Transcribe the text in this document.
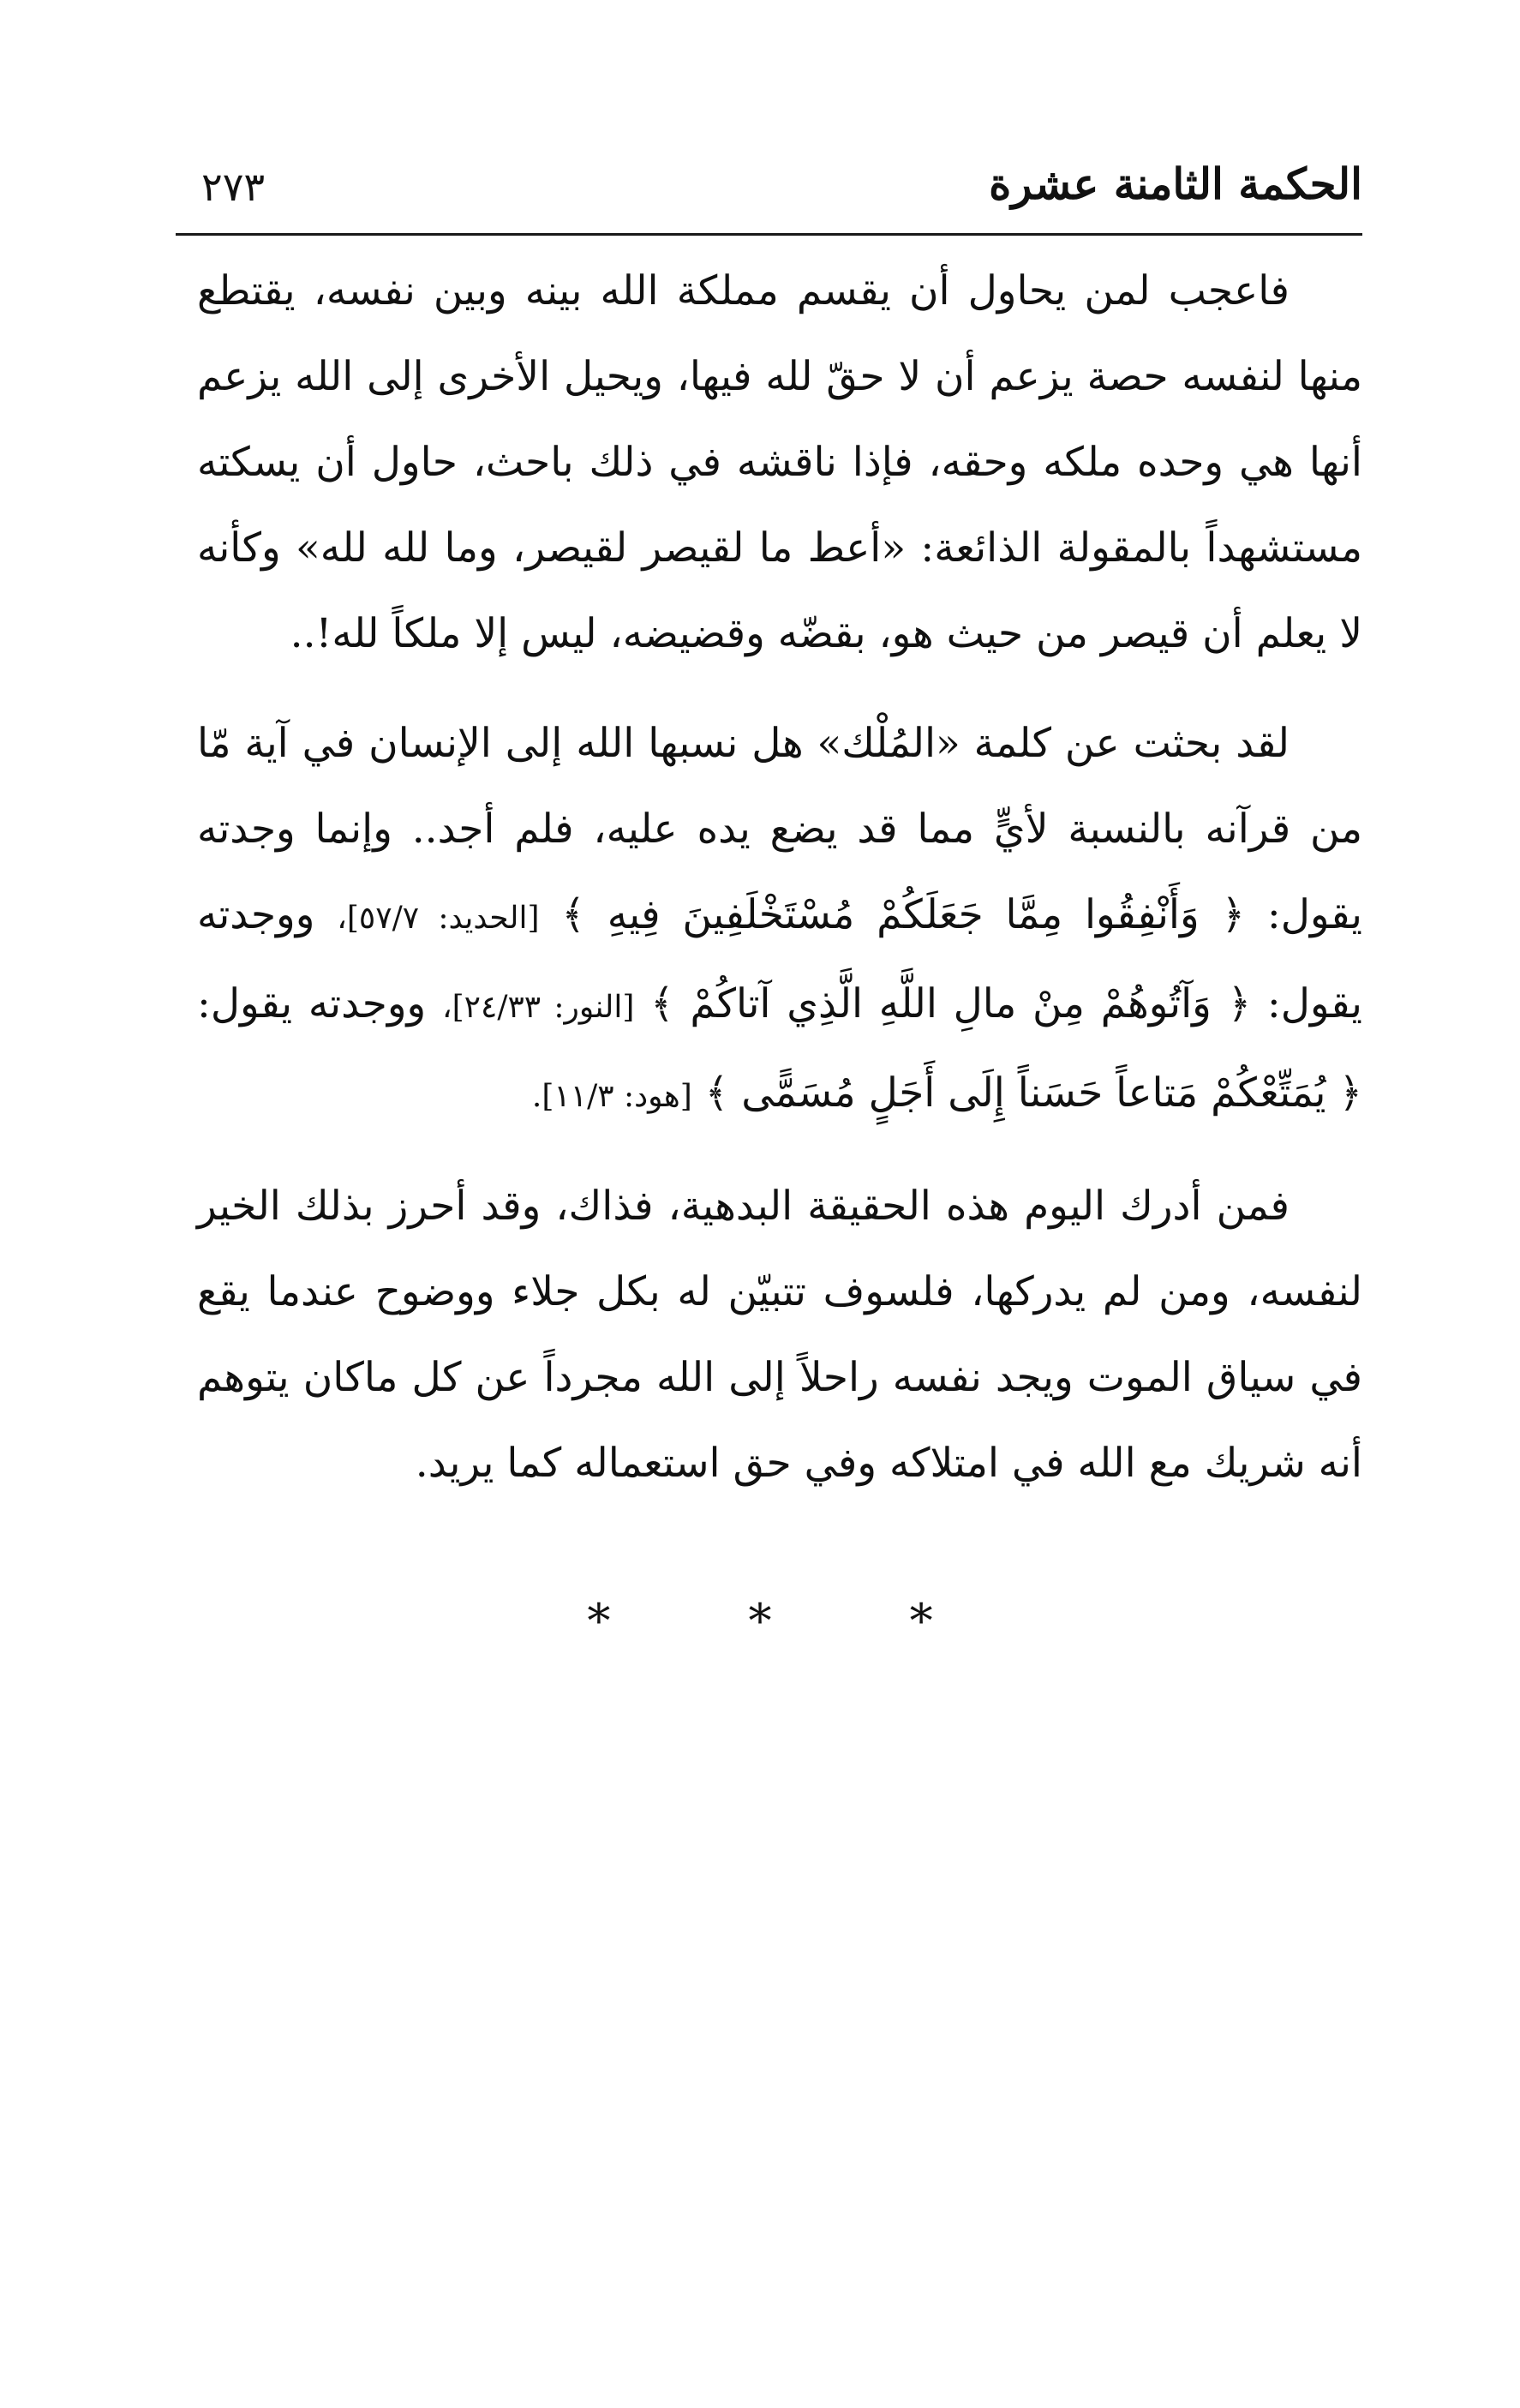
الحكمة الثامنة عشرة
٢٧٣

فاعجب لمن يحاول أن يقسم مملكة الله بينه وبين نفسه، يقتطع منها لنفسه حصة يزعم أن لا حقّ لله فيها، ويحيل الأخرى إلى الله يزعم أنها هي وحده ملكه وحقه، فإذا ناقشه في ذلك باحث، حاول أن يسكته مستشهداً بالمقولة الذائعة: «أعط ما لقيصر لقيصر، وما لله لله» وكأنه لا يعلم أن قيصر من حيث هو، بقضّه وقضيضه، ليس إلا ملكاً لله!..

لقد بحثت عن كلمة «المُلْك» هل نسبها الله إلى الإنسان في آية مّا من قرآنه بالنسبة لأيٍّ مما قد يضع يده عليه، فلم أجد.. وإنما وجدته يقول: ﴿ وَأَنْفِقُوا مِمَّا جَعَلَكُمْ مُسْتَخْلَفِينَ فِيهِ ﴾ [الحديد: ٥٧/٧]، ووجدته يقول: ﴿ وَآتُوهُمْ مِنْ مالِ اللَّهِ الَّذِي آتاكُمْ ﴾ [النور: ٢٤/٣٣]، ووجدته يقول: ﴿ يُمَتِّعْكُمْ مَتاعاً حَسَناً إِلَى أَجَلٍ مُسَمًّى ﴾ [هود: ١١/٣].

فمن أدرك اليوم هذه الحقيقة البدهية، فذاك، وقد أحرز بذلك الخير لنفسه، ومن لم يدركها، فلسوف تتبيّن له بكل جلاء ووضوح عندما يقع في سياق الموت ويجد نفسه راحلاً إلى الله مجرداً عن كل ماكان يتوهم أنه شريك مع الله في امتلاكه وفي حق استعماله كما يريد.

*	*	*
